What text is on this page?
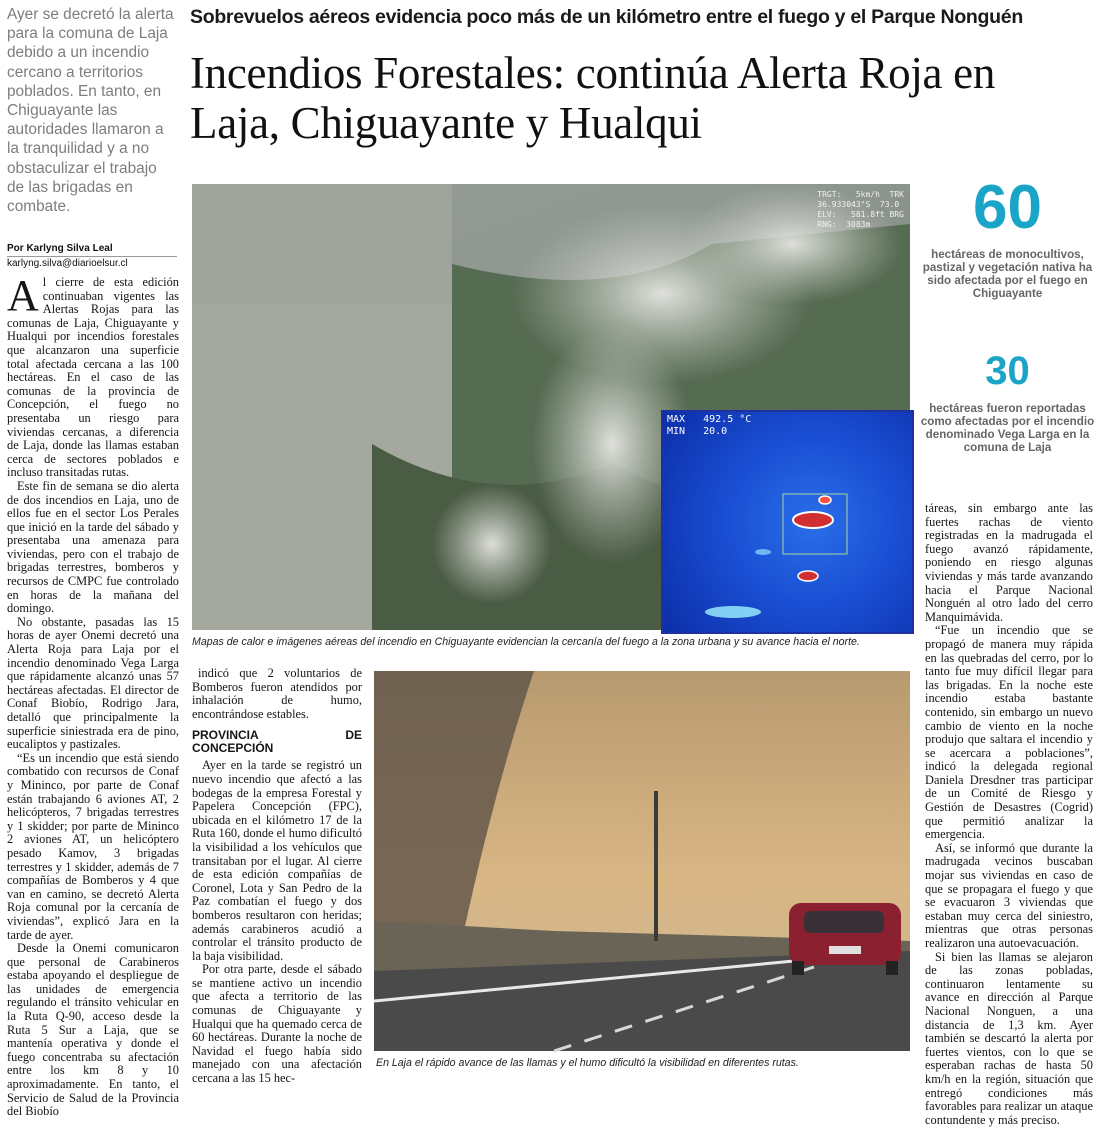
Ayer se decretó la alerta para la comuna de Laja debido a un incendio cercano a territorios poblados. En tanto, en Chiguayante las autoridades llamaron a la tranquilidad y a no obstaculizar el trabajo de las brigadas en combate.
Sobrevuelos aéreos evidencia poco más de un kilómetro entre el fuego y el Parque Nonguén
Incendios Forestales: continúa Alerta Roja en Laja, Chiguayante y Hualqui
Por Karlyng Silva Leal
karlyng.silva@diarioelsur.cl

Al cierre de esta edición continuaban vigentes las Alertas Rojas para las comunas de Laja, Chiguayante y Hualqui por incendios forestales que alcanzaron una superficie total afectada cercana a las 100 hectáreas. En el caso de las comunas de la provincia de Concepción, el fuego no presentaba un riesgo para viviendas cercanas, a diferencia de Laja, donde las llamas estaban cerca de sectores poblados e incluso transitadas rutas.

Este fin de semana se dio alerta de dos incendios en Laja, uno de ellos fue en el sector Los Perales que inició en la tarde del sábado y presentaba una amenaza para viviendas, pero con el trabajo de brigadas terrestres, bomberos y recursos de CMPC fue controlado en horas de la mañana del domingo.

No obstante, pasadas las 15 horas de ayer Onemi decretó una Alerta Roja para Laja por el incendio denominado Vega Larga que rápidamente alcanzó unas 57 hectáreas afectadas. El director de Conaf Biobío, Rodrigo Jara, detalló que principalmente la superficie siniestrada era de pino, eucaliptos y pastizales.

“Es un incendio que está siendo combatido con recursos de Conaf y Mininco, por parte de Conaf están trabajando 6 aviones AT, 2 helicópteros, 7 brigadas terrestres y 1 skidder; por parte de Mininco 2 aviones AT, un helicóptero pesado Kamov, 3 brigadas terrestres y 1 skidder, además de 7 compañías de Bomberos y 4 que van en camino, se decretó Alerta Roja comunal por la cercanía de viviendas”, explicó Jara en la tarde de ayer.

Desde la Onemi comunicaron que personal de Carabineros estaba apoyando el despliegue de las unidades de emergencia regulando el tránsito vehicular en la Ruta Q-90, acceso desde la Ruta 5 Sur a Laja, que se mantenía operativa y donde el fuego concentraba su afectación entre los km 8 y 10 aproximadamente. En tanto, el Servicio de Salud de la Provincia del Biobío

TRGT:   5km/h  TRK
36.933043°S  73.0
ELV:   581.8ft BRG
RNG:  3083m
MAX 492.5 °C
MIN 20.0
60
hectáreas de monocultivos, pastizal y vegetación nativa ha sido afectada por el fuego en Chiguayante
30
hectáreas fueron reportadas como afectadas por el incendio denominado Vega Larga en la comuna de Laja
Mapas de calor e imágenes aéreas del incendio en Chiguayante evidencian la cercanía del fuego a la zona urbana y su avance hacia el norte.

indicó que 2 voluntarios de Bomberos fueron atendidos por inhalación de humo, encontrándose estables.

PROVINCIA DE CONCEPCIÓN

Ayer en la tarde se registró un nuevo incendio que afectó a las bodegas de la empresa Forestal y Papelera Concepción (FPC), ubicada en el kilómetro 17 de la Ruta 160, donde el humo dificultó la visibilidad a los vehículos que transitaban por el lugar. Al cierre de esta edición compañías de Coronel, Lota y San Pedro de la Paz combatían el fuego y dos bomberos resultaron con heridas; además carabineros acudió a controlar el tránsito producto de la baja visibilidad.

Por otra parte, desde el sábado se mantiene activo un incendio que afecta a territorio de las comunas de Chiguayante y Hualqui que ha quemado cerca de 60 hectáreas. Durante la noche de Navidad el fuego había sido manejado con una afectación cercana a las 15 hec-

En Laja el rápido avance de las llamas y el humo dificultó la visibilidad en diferentes rutas.

táreas, sin embargo ante las fuertes rachas de viento registradas en la madrugada el fuego avanzó rápidamente, poniendo en riesgo algunas viviendas y más tarde avanzando hacia el Parque Nacional Nonguén al otro lado del cerro Manquimávida.

“Fue un incendio que se propagó de manera muy rápida en las quebradas del cerro, por lo tanto fue muy difícil llegar para las brigadas. En la noche este incendio estaba bastante contenido, sin embargo un nuevo cambio de viento en la noche produjo que saltara el incendio y se acercara a poblaciones”, indicó la delegada regional Daniela Dresdner tras participar de un Comité de Riesgo y Gestión de Desastres (Cogrid) que permitió analizar la emergencia.

Así, se informó que durante la madrugada vecinos buscaban mojar sus viviendas en caso de que se propagara el fuego y que se evacuaron 3 viviendas que estaban muy cerca del siniestro, mientras que otras personas realizaron una autoevacuación.

Si bien las llamas se alejaron de las zonas pobladas, continuaron lentamente su avance en dirección al Parque Nacional Nonguen, a una distancia de 1,3 km. Ayer también se descartó la alerta por fuertes vientos, con lo que se esperaban rachas de hasta 50 km/h en la región, situación que entregó condiciones más favorables para realizar un ataque contundente y más preciso.
